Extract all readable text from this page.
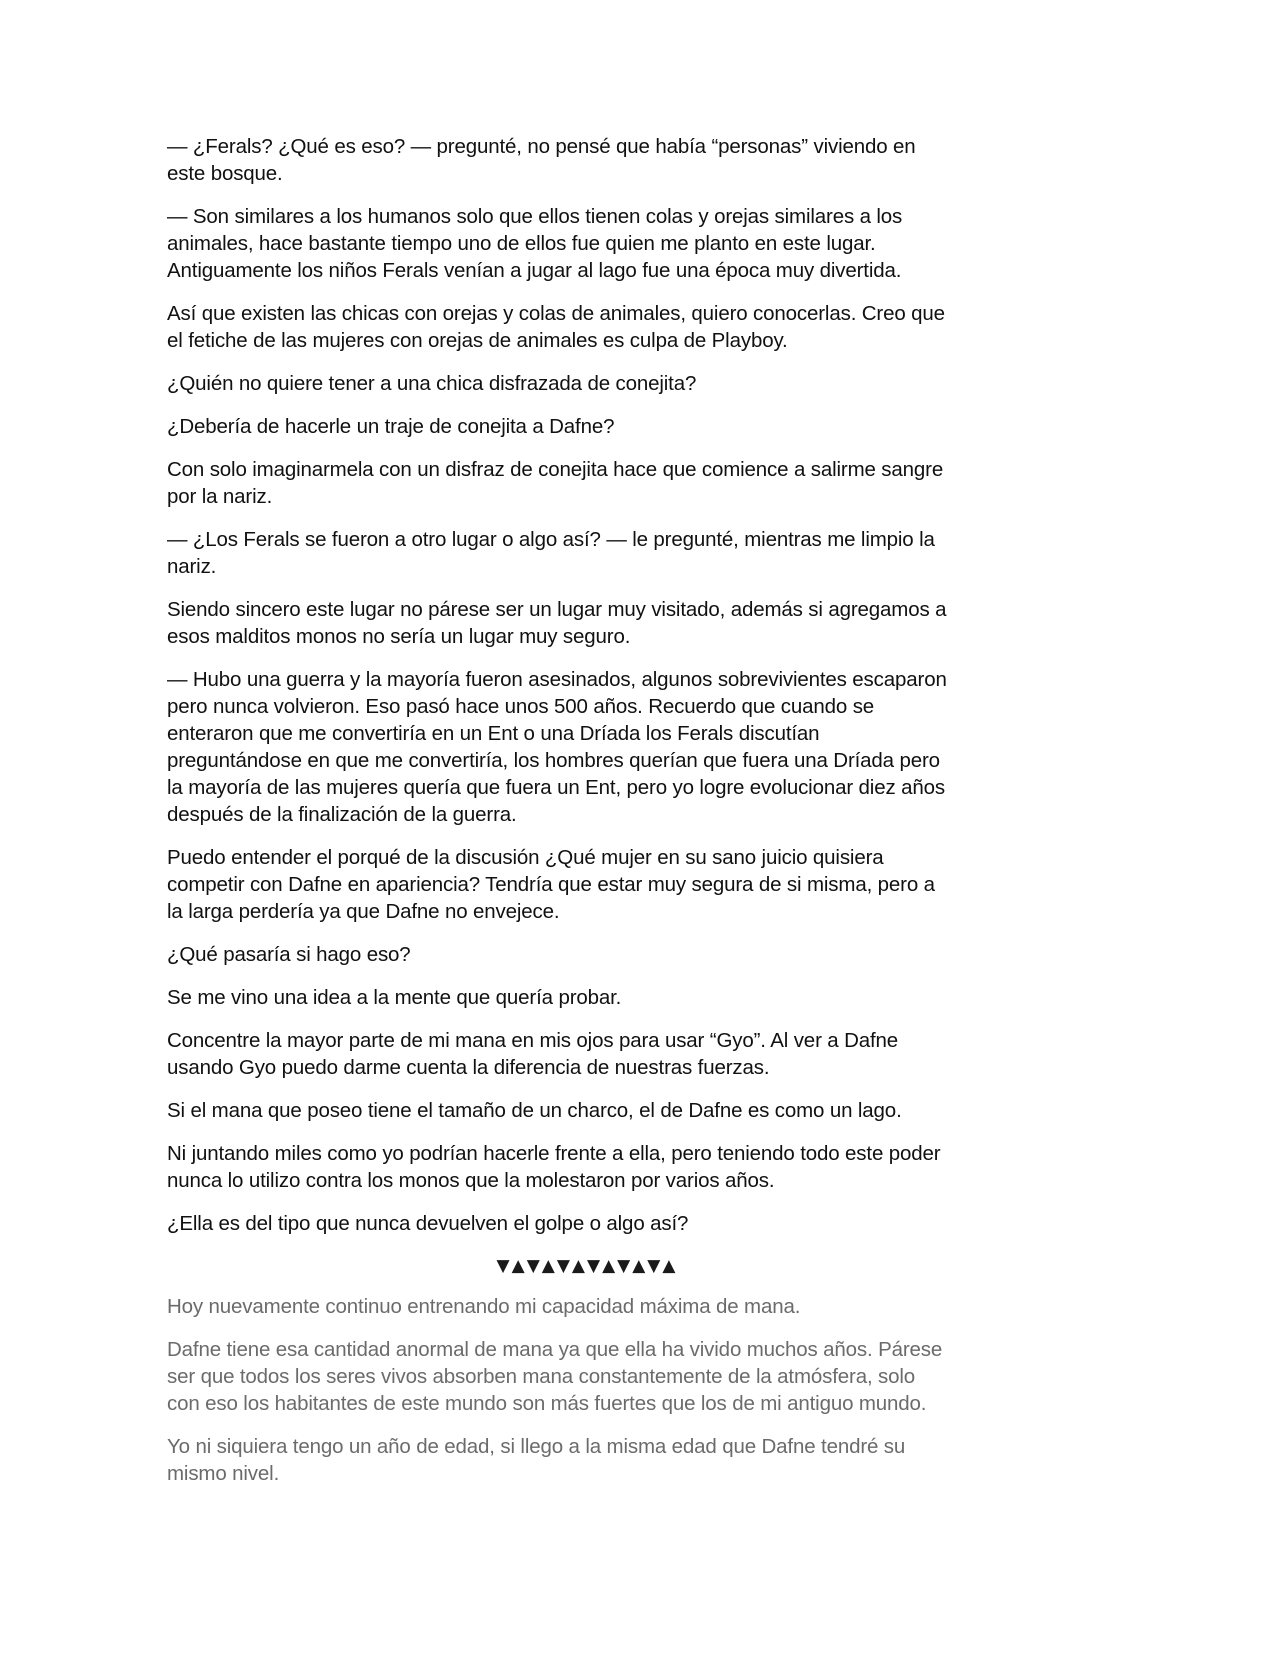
— ¿Ferals? ¿Qué es eso? — pregunté, no pensé que había “personas” viviendo en
este bosque.

— Son similares a los humanos solo que ellos tienen colas y orejas similares a los
animales, hace bastante tiempo uno de ellos fue quien me planto en este lugar.
Antiguamente los niños Ferals venían a jugar al lago fue una época muy divertida.

Así que existen las chicas con orejas y colas de animales, quiero conocerlas. Creo que
el fetiche de las mujeres con orejas de animales es culpa de Playboy.

¿Quién no quiere tener a una chica disfrazada de conejita?

¿Debería de hacerle un traje de conejita a Dafne?

Con solo imaginarmela con un disfraz de conejita hace que comience a salirme sangre
por la nariz.

— ¿Los Ferals se fueron a otro lugar o algo así? — le pregunté, mientras me limpio la
nariz.

Siendo sincero este lugar no párese ser un lugar muy visitado, además si agregamos a
esos malditos monos no sería un lugar muy seguro.

— Hubo una guerra y la mayoría fueron asesinados, algunos sobrevivientes escaparon
pero nunca volvieron. Eso pasó hace unos 500 años. Recuerdo que cuando se
enteraron que me convertiría en un Ent o una Dríada los Ferals discutían
preguntándose en que me convertiría, los hombres querían que fuera una Dríada pero
la mayoría de las mujeres quería que fuera un Ent, pero yo logre evolucionar diez años
después de la finalización de la guerra.

Puedo entender el porqué de la discusión ¿Qué mujer en su sano juicio quisiera
competir con Dafne en apariencia? Tendría que estar muy segura de si misma, pero a
la larga perdería ya que Dafne no envejece.

¿Qué pasaría si hago eso?

Se me vino una idea a la mente que quería probar.

Concentre la mayor parte de mi mana en mis ojos para usar “Gyo”. Al ver a Dafne
usando Gyo puedo darme cuenta la diferencia de nuestras fuerzas.

Si el mana que poseo tiene el tamaño de un charco, el de Dafne es como un lago.

Ni juntando miles como yo podrían hacerle frente a ella, pero teniendo todo este poder
nunca lo utilizo contra los monos que la molestaron por varios años.

¿Ella es del tipo que nunca devuelven el golpe o algo así?

▼▲▼▲▼▲▼▲▼▲▼▲

Hoy nuevamente continuo entrenando mi capacidad máxima de mana.

Dafne tiene esa cantidad anormal de mana ya que ella ha vivido muchos años. Párese
ser que todos los seres vivos absorben mana constantemente de la atmósfera, solo
con eso los habitantes de este mundo son más fuertes que los de mi antiguo mundo.

Yo ni siquiera tengo un año de edad, si llego a la misma edad que Dafne tendré su
mismo nivel.
